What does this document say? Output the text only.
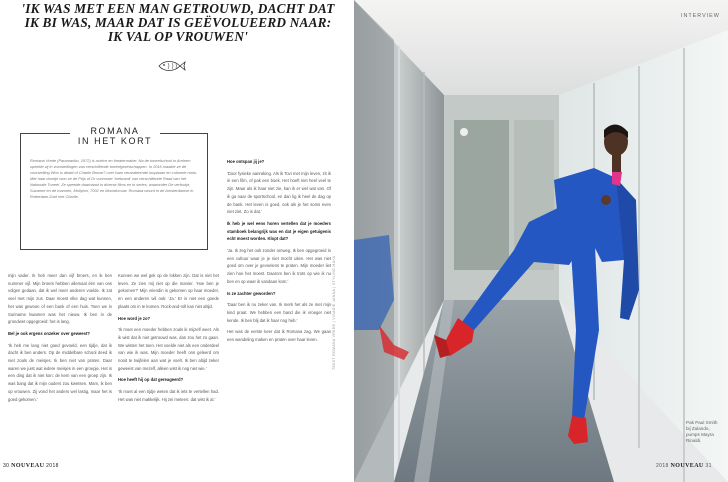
'IK WAS MET EEN MAN GETROUWD, DACHT DAT
IK BI WAS, MAAR DAT IS GEËVOLUEERD NAAR:
IK VAL OP VROUWEN'
ROMANA
IN HET KORT

Romana Vrede (Paramaribo, 1972) is actrice en theatermaker. Na de toneelschool in Arnhem speelde zij in voorstellingen van verschillende toneelgezelschappen. In 2016 maakte ze de voorstelling Who is afraid of Charlie Brown? over haar veranderende loopbaan en culturele roots. Met haar doortje won ze de Prijs of Dr voormaer 'toebrand' van verschillende Raad van het Nationale Toneel. Ze speelde daarnaast in diverse films en in series, waaronder De verfoutje, Suzanne en de mannen, Mollyton, 7002 en Moordvrouw. Romana woont in de Amsterdamse in Rotterdam Zuid met Charlie.

mijn vader. Ik heb meer dan vijf broers, en ik ben nummer vijf. Mijn broers hebben allemaal één van ons volgen gedaan, dat ik wel meer anderen voelde. Ik zat veel met mijn zus. Daar moest elke dag wat kunnen, het was gewoon of een bank of een huis. Toen we in Suriname kwamen was het nieuw. Ik ben in de grondwet opgegroeid: het is lang.

Bel je ook ergens onzeker over geweest?

'Ik heb me lang niet goed gevoeld, een tijdje, dat ik dacht ik ben anders. Op de middelbare school deed ik niet zoals de meisjes. Ik ben niet van praten. Daar waren we juist wat iedere meisjes in een groepje. Het is een ding dat ik niet kon: de kern van een groep zijn. Ik was bang dat ik mijn ouders zou kwetsen. Mam, ik ben op vrouwen. Zij vond het anders wel lastig, maar het is goed gekomen.'

Kunnen we wel gek op de lokken zijn. Dat is niet het leven. Ze zien mij niet op die manier. 'Hoe ben je gekomen?' Mijn vriendin is gekomen op haar moeder, en een anderen wil ook: 'Ja.' Er is niet een goede plaats om in te komen. Rock-and-roll kan niet altijd.

Hoe word je zo?

'Ik moet een moeder hebben zoals ik mijzelf weet. Als ik wist dat ik niet getrouwd was, dan zou het zo gaan. We wisten het toen. Het voelde niet als een onderdeel van wie ik was. Mijn moeder heeft ons geleerd om nooit te twijfelen aan wat je voelt. Ik ben altijd zeker geweest van mezelf, alleen wist ik nog niet wie.'

Hoe heeft hij op dat gereageerd?

'Ik moet al een tijdje weten dat ik iets te vertellen had. Het was niet makkelijk. Hij zei meteen: dat wist ik al.'

Hoe ontspan jij je?

'Door fysieke aanraking. Als ik Tovi met mijn leven, zit ik in een film, of pak een boek. Het hoeft niet heel veel te zijn. Maar als ik haar niet zie, kan ik er wel wat van. Of ik ga naar de sportschool, en dan lig ik heel de dag op de bank. Het leven is goed, ook als je het soms even niet ziet. Zo is dat.'

Ik heb je wel eens horen vertellen dat je moeders stamboek belangrijk was en dat je eigen getuigenis echt moest worden. Klopt dat?

'Ja. Ik zeg het ook zonder omweg. Ik ben opgegroeid in een cultuur waar je je niet mocht uiten. Het was niet goed om over je gevoelens te praten. Mijn moeder liet zien hoe het moest. Daarom ben ik trots op wie ik nu ben en op waar ik vandaan kom.'

Is ze zachter geworden?

'Daar ben ik nu zeker van. Ik merk het als ze met mijn kind praat. We hebben een band die ik vroeger niet kende. Ik ben blij dat ik haar nog heb.'

Het was de eerste keer dat ik Romana zag. We gaan een wandeling maken en praten over haar leven.	TEKST ROMANA VREDE | VISAGIE JANNA | STYLING MAYA
30 NOUVEAU 2018
INTERVIEW
Pak Paul Smith
bij Zalando,
pumps Mayra
Rinaldi.
2018 NOUVEAU 31
